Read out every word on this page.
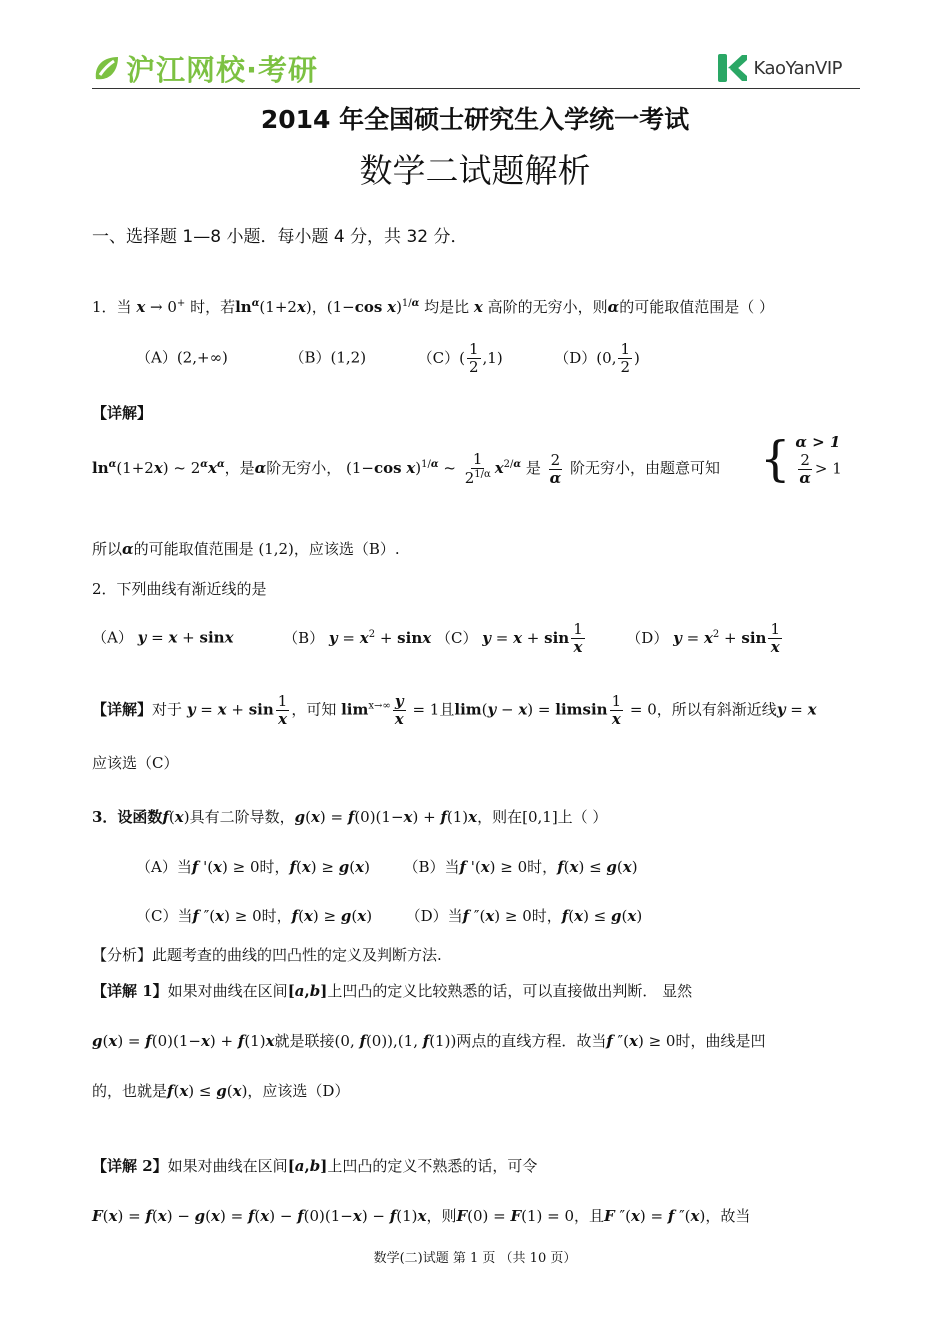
沪江网校·考研	KaoYanVIP
2014 年全国硕士研究生入学统一考试
数学二试题解析
一、选择题 1—8 小题．每小题 4 分，共 32 分．
1．当 x → 0+ 时，若$\ln^\alpha(1+2x)$，(1−cos x)$^{1/\alpha}$ 均是比 x 高阶的无穷小，则α的可能取值范围是（ ）
（A）(2,+∞)	（B）(1,2)	$(C)( \frac{1}{2} ,1)$	（D）(0, $\frac{1}{2}$ )
【详解】
$\ln^\alpha(1+2x)$ ~ $2^\alpha x^\alpha$，是α阶无穷小， (1−cos x)$^{1/\alpha}$ ~ $\frac{1}{2^{1/\alpha}} x^{2/\alpha}$ 是 $\frac{2}{\alpha}$ 阶无穷小，由题意可知 { α > 1
$\frac{2}{\alpha} > 1$
所以α的可能取值范围是 (1,2)，应该选（B）.
2．下列曲线有渐近线的是
（A） y = x + sinx	（B） $y = x^2 + \sin x$ （C） $y = x + \sin \frac{1}{x}$	（D） $y = x^2 + \sin \frac{1}{x}$
【详解】对于 $y = x + \sin \frac{1}{x}$ ，可知 $\lim^{x\to\infty} \frac{y}{x} = 1$且lim(y − x) = limsin $\frac{1}{x} = 0$，所以有斜渐近线y = x
应该选（C）
3．设函数f(x)具有二阶导数，g(x) = f(0)(1−x) + f(1)x，则在[0,1]上（ ）
（A）当f '(x) ≥ 0时，f(x) ≥ g(x) （B）当f '(x) ≥ 0时，f(x) ≤ g(x)
（C）当f ″(x) ≥ 0时，f(x) ≥ g(x) （D）当f ″(x) ≥ 0时，f(x) ≤ g(x)
【分析】此题考查的曲线的凹凸性的定义及判断方法.
【详解 1】如果对曲线在区间[a,b]上凹凸的定义比较熟悉的话，可以直接做出判断． 显然
g(x) = f(0)(1−x) + f(1)x就是联接(0, f(0)),(1, f(1))两点的直线方程．故当f ″(x) ≥ 0时，曲线是凹
的，也就是f(x) ≤ g(x)，应该选（D）
【详解 2】如果对曲线在区间[a,b]上凹凸的定义不熟悉的话，可令
F(x) = f(x) − g(x) = f(x) − f(0)(1−x) − f(1)x，则F(0) = F(1) = 0，且F ″(x) = f ″(x)，故当
数学(二)试题 第 1 页 （共 10 页）
